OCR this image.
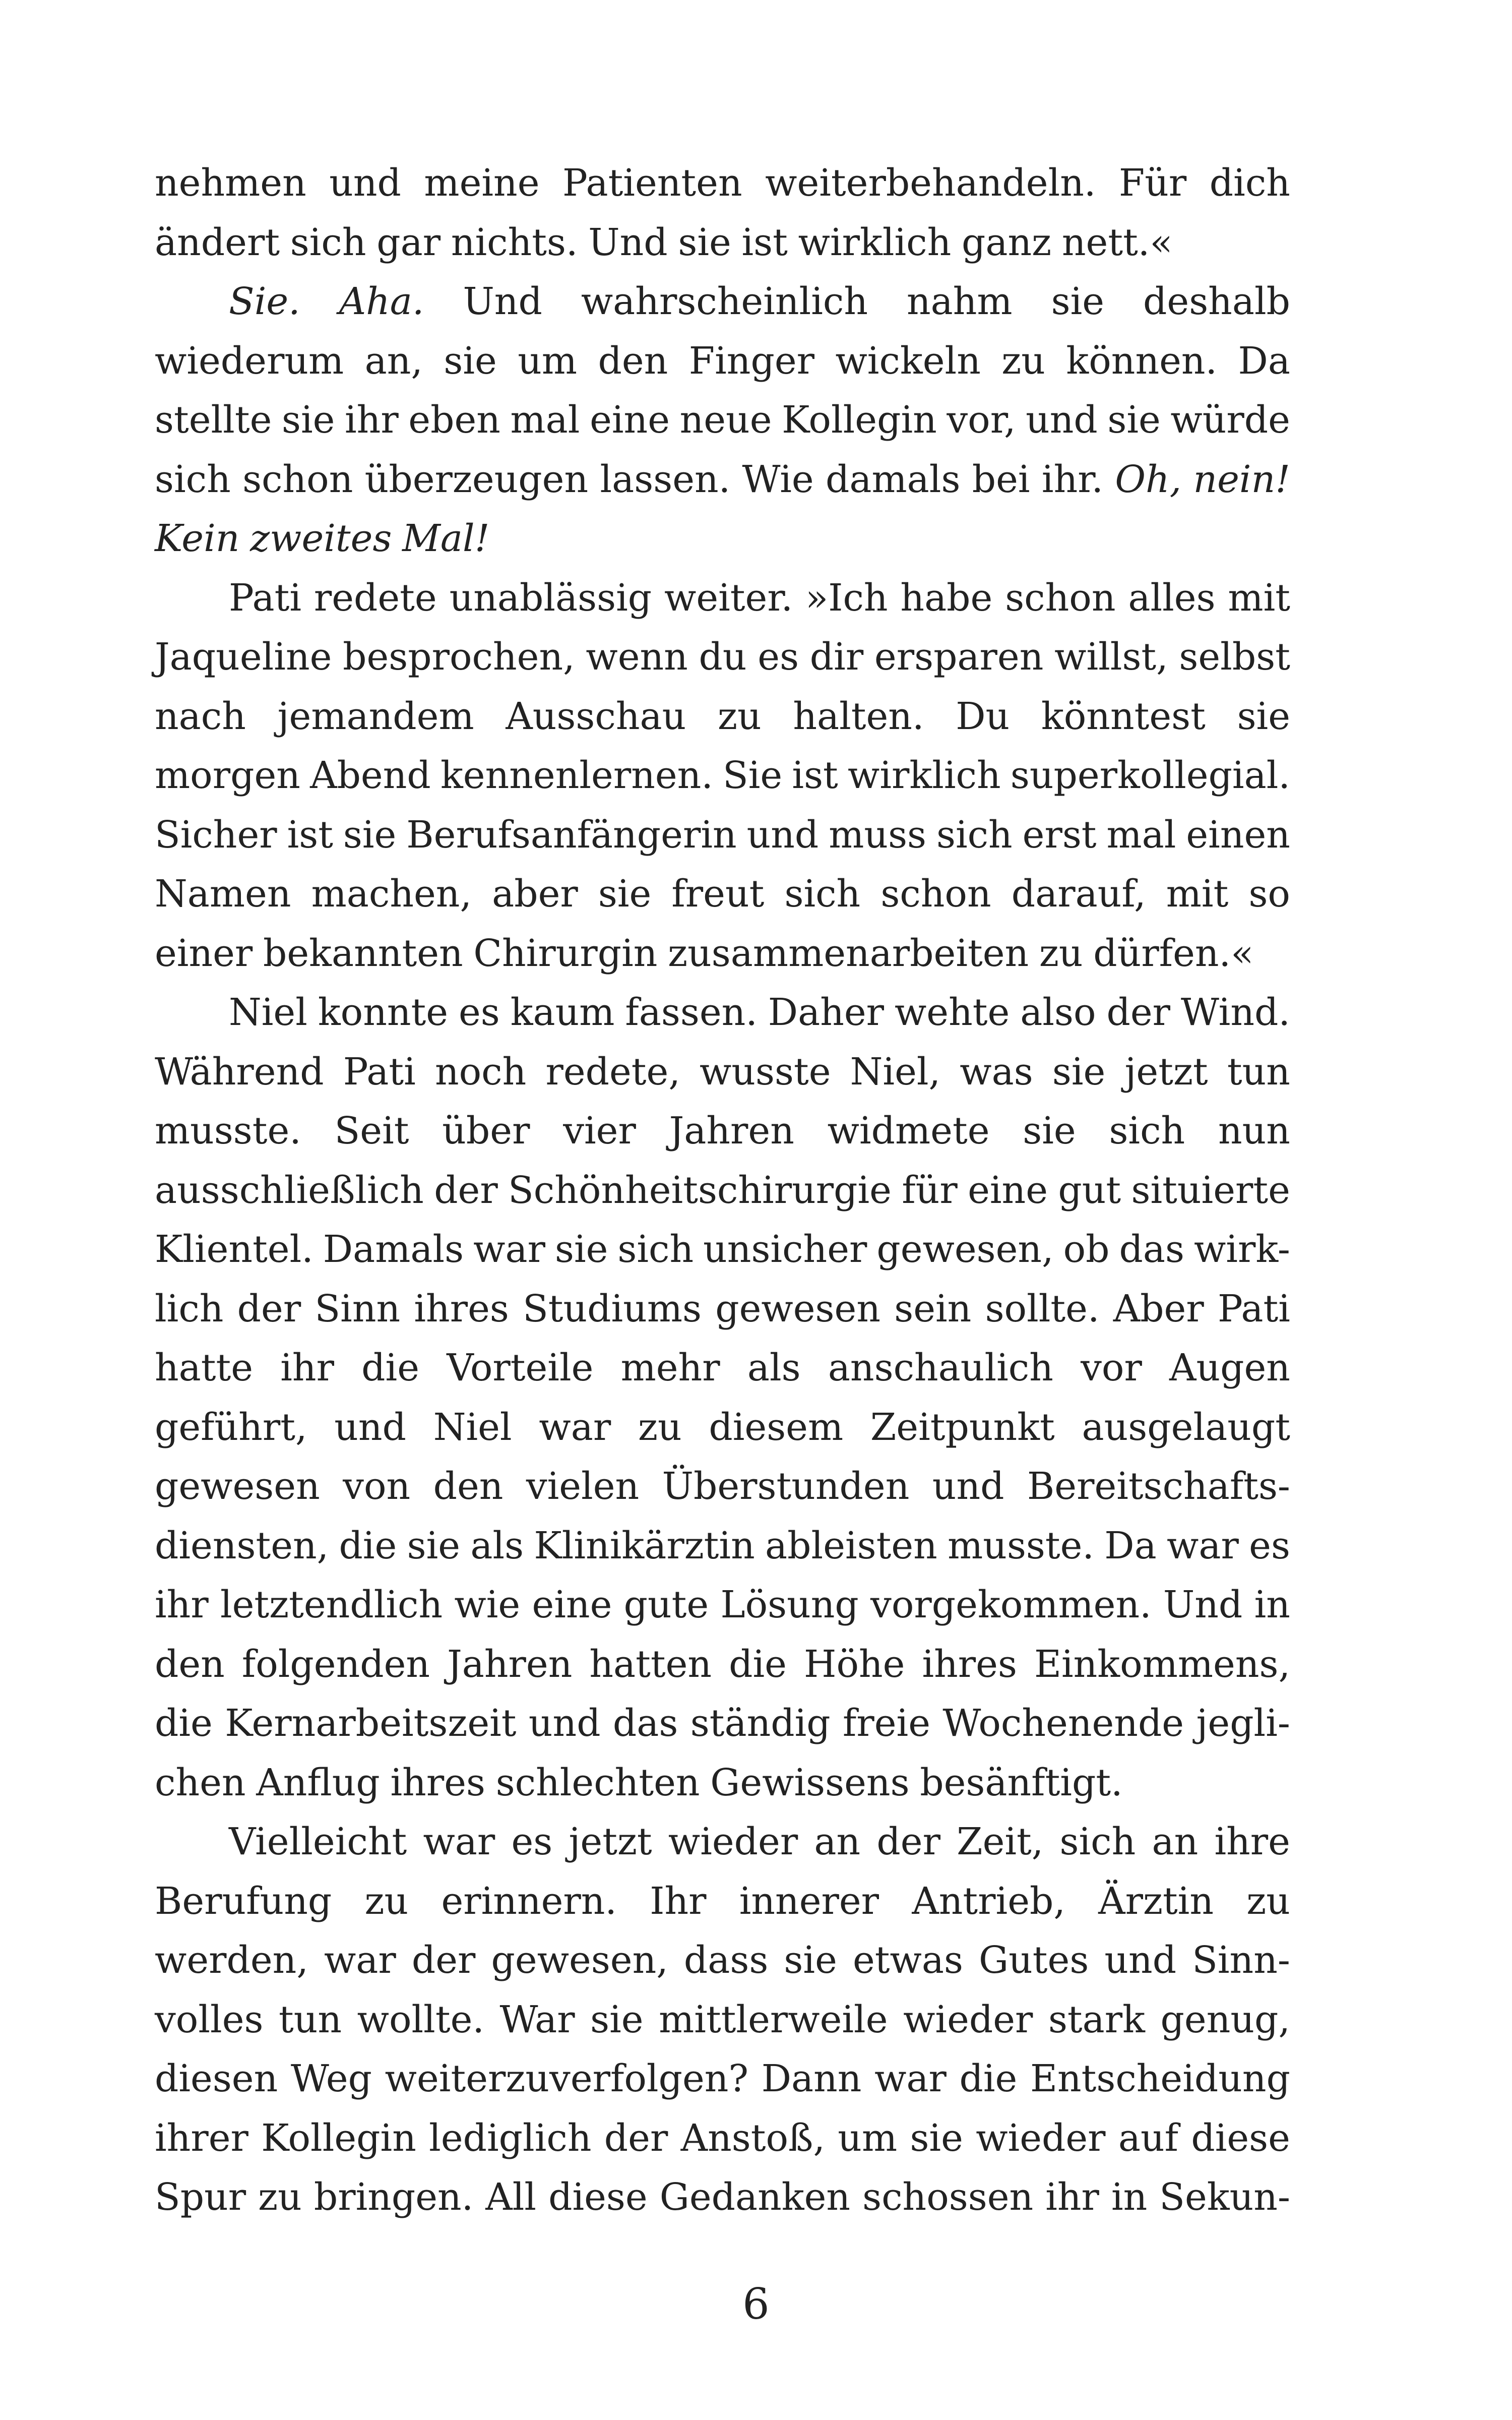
nehmen und meine Patienten weiterbehandeln. Für dich
ändert sich gar nichts. Und sie ist wirklich ganz nett.«
Sie. Aha. Und wahrscheinlich nahm sie deshalb
wiederum an, sie um den Finger wickeln zu können. Da
stellte sie ihr eben mal eine neue Kollegin vor, und sie würde
sich schon überzeugen lassen. Wie damals bei ihr. Oh, nein!
Kein zweites Mal!
Pati redete unablässig weiter. »Ich habe schon alles mit
Jaqueline besprochen, wenn du es dir ersparen willst, selbst
nach jemandem Ausschau zu halten. Du könntest sie
morgen Abend kennenlernen. Sie ist wirklich superkollegial.
Sicher ist sie Berufsanfängerin und muss sich erst mal einen
Namen machen, aber sie freut sich schon darauf, mit so
einer bekannten Chirurgin zusammenarbeiten zu dürfen.«
Niel konnte es kaum fassen. Daher wehte also der Wind.
Während Pati noch redete, wusste Niel, was sie jetzt tun
musste. Seit über vier Jahren widmete sie sich nun
ausschließlich der Schönheitschirurgie für eine gut situierte
Klientel. Damals war sie sich unsicher gewesen, ob das wirk-
lich der Sinn ihres Studiums gewesen sein sollte. Aber Pati
hatte ihr die Vorteile mehr als anschaulich vor Augen
geführt, und Niel war zu diesem Zeitpunkt ausgelaugt
gewesen von den vielen Überstunden und Bereitschafts-
diensten, die sie als Klinikärztin ableisten musste. Da war es
ihr letztendlich wie eine gute Lösung vorgekommen. Und in
den folgenden Jahren hatten die Höhe ihres Einkommens,
die Kernarbeitszeit und das ständig freie Wochenende jegli-
chen Anflug ihres schlechten Gewissens besänftigt.
Vielleicht war es jetzt wieder an der Zeit, sich an ihre
Berufung zu erinnern. Ihr innerer Antrieb, Ärztin zu
werden, war der gewesen, dass sie etwas Gutes und Sinn-
volles tun wollte. War sie mittlerweile wieder stark genug,
diesen Weg weiterzuverfolgen? Dann war die Entscheidung
ihrer Kollegin lediglich der Anstoß, um sie wieder auf diese
Spur zu bringen. All diese Gedanken schossen ihr in Sekun-
6
